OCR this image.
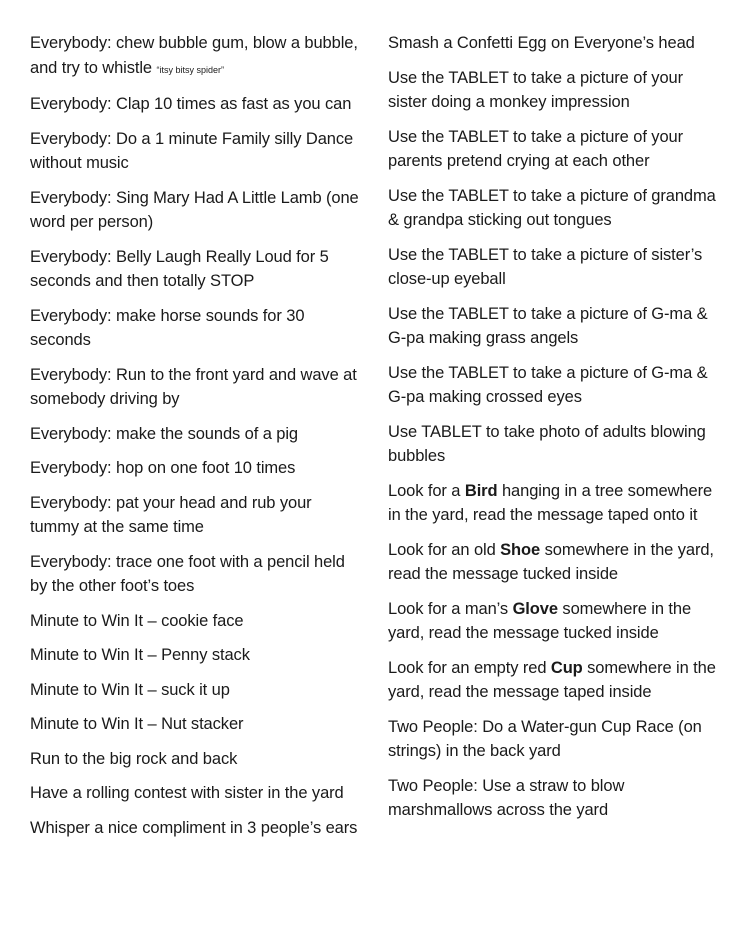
Everybody: chew bubble gum, blow a bubble, and try to whistle “itsy bitsy spider”

Everybody: Clap 10 times as fast as you can

Everybody: Do a 1 minute Family silly Dance without music

Everybody: Sing Mary Had A Little Lamb (one word per person)

Everybody: Belly Laugh Really Loud for 5 seconds and then totally STOP

Everybody: make horse sounds for 30 seconds

Everybody: Run to the front yard and wave at somebody driving by

Everybody: make the sounds of a pig

Everybody: hop on one foot 10 times

Everybody: pat your head and rub your tummy at the same time

Everybody: trace one foot with a pencil held by the other foot’s toes

Minute to Win It – cookie face

Minute to Win It – Penny stack

Minute to Win It – suck it up

Minute to Win It – Nut stacker

Run to the big rock and back

Have a rolling contest with sister in the yard

Whisper a nice compliment in 3 people’s ears

Smash a Confetti Egg on Everyone’s head

Use the TABLET to take a picture of your sister doing a monkey impression

Use the TABLET to take a picture of your parents pretend crying at each other

Use the TABLET to take a picture of grandma & grandpa sticking out tongues

Use the TABLET to take a picture of sister’s close-up eyeball

Use the TABLET to take a picture of G-ma & G-pa making grass angels

Use the TABLET to take a picture of G-ma & G-pa making crossed eyes

Use TABLET to take photo of adults blowing bubbles

Look for a Bird hanging in a tree somewhere in the yard, read the message taped onto it

Look for an old Shoe somewhere in the yard, read the message tucked inside

Look for a man’s Glove somewhere in the yard, read the message tucked inside

Look for an empty red Cup somewhere in the yard, read the message taped inside

Two People: Do a Water-gun Cup Race (on strings) in the back yard

Two People: Use a straw to blow marshmallows across the yard
